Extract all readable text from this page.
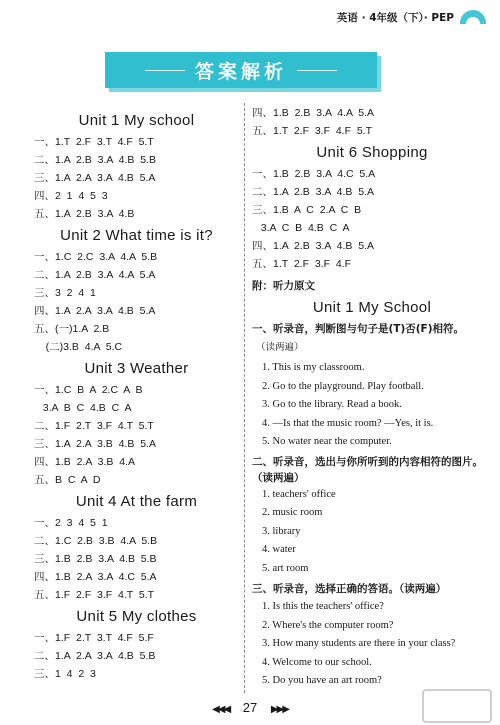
英语 · 4年级（下）· PEP
答案解析
Unit 1 My school
一、1.T  2.F  3.T  4.F  5.T
二、1.A  2.B  3.A  4.B  5.B
三、1.A  2.A  3.A  4.B  5.A
四、2  1  4  5  3
五、1.A  2.B  3.A  4.B
Unit 2 What time is it?
一、1.C  2.C  3.A  4.A  5.B
二、1.A  2.B  3.A  4.A  5.A
三、3  2  4  1
四、1.A  2.A  3.A  4.B  5.A
五、(一)1.A  2.B
(二)3.B  4.A  5.C
Unit 3 Weather
一、1.C  B  A  2.C  A  B
3.A  B  C  4.B  C  A
二、1.F  2.T  3.F  4.T  5.T
三、1.A  2.A  3.B  4.B  5.A
四、1.B  2.A  3.B  4.A
五、B  C  A  D
Unit 4 At the farm
一、2  3  4  5  1
二、1.C  2.B  3.B  4.A  5.B
三、1.B  2.B  3.A  4.B  5.B
四、1.B  2.A  3.A  4.C  5.A
五、1.F  2.F  3.F  4.T  5.T
Unit 5 My clothes
一、1.F  2.T  3.T  4.F  5.F
二、1.A  2.A  3.A  4.B  5.B
三、1  4  2  3
四、1.B  2.B  3.A  4.A  5.A
五、1.T  2.F  3.F  4.F  5.T
Unit 6 Shopping
一、1.B  2.B  3.A  4.C  5.A
二、1.A  2.B  3.A  4.B  5.A
三、1.B  A  C  2.A  C  B
3.A  C  B  4.B  C  A
四、1.A  2.B  3.A  4.B  5.A
五、1.T  2.F  3.F  4.F
附：听力原文
Unit 1 My School
一、听录音，判断图与句子是(T)否(F)相符。
（读两遍）
1. This is my classroom.
2. Go to the playground. Play football.
3. Go to the library. Read a book.
4. —Is that the music room? —Yes, it is.
5. No water near the computer.
二、听录音，选出与你所听到的内容相符的图片。（读两遍）
1. teachers' office
2. music room
3. library
4. water
5. art room
三、听录音，选择正确的答语。（读两遍）
1. Is this the teachers' office?
2. Where's the computer room?
3. How many students are there in your class?
4. Welcome to our school.
5. Do you have an art room?
◀◀◀ 27 ▶▶▶
